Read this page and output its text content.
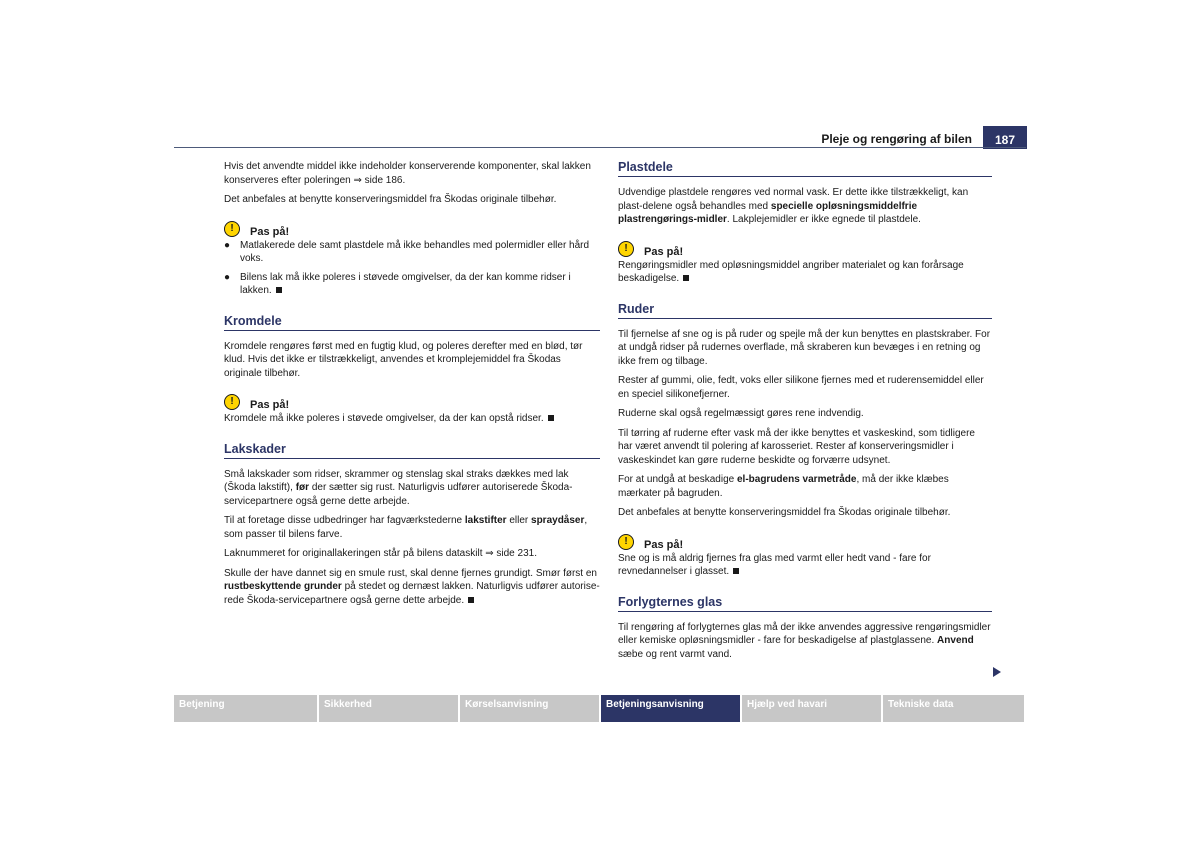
Pleje og rengøring af bilen	187

Hvis det anvendte middel ikke indeholder konserverende komponenter, skal lakken konserveres efter poleringen ⇒ side 186.

Det anbefales at benytte konserveringsmiddel fra Škodas originale tilbehør.

!	Pas på!
● Matlakerede dele samt plastdele må ikke behandles med polermidler eller hård voks.
● Bilens lak må ikke poleres i støvede omgivelser, da der kan komme ridser i lakken.
Kromdele

Kromdele rengøres først med en fugtig klud, og poleres derefter med en blød, tør klud. Hvis det ikke er tilstrækkeligt, anvendes et kromplejemiddel fra Škodas originale tilbehør.

!	Pas på!

Kromdele må ikke poleres i støvede omgivelser, da der kan opstå ridser.

Lakskader

Små lakskader som ridser, skrammer og stenslag skal straks dækkes med lak (Škoda lakstift), før der sætter sig rust. Naturligvis udfører autoriserede Škoda-servicepartnere også gerne dette arbejde.

Til at foretage disse udbedringer har fagværkstederne lakstifter eller spraydåser, som passer til bilens farve.

Laknummeret for originallakeringen står på bilens dataskilt ⇒ side 231.

Skulle der have dannet sig en smule rust, skal denne fjernes grundigt. Smør først en rustbeskyttende grunder på stedet og dernæst lakken. Naturligvis udfører autorise-rede Škoda-servicepartnere også gerne dette arbejde.

Plastdele

Udvendige plastdele rengøres ved normal vask. Er dette ikke tilstrækkeligt, kan plast-delene også behandles med specielle opløsningsmiddelfrie plastrengørings-midler. Lakplejemidler er ikke egnede til plastdele.

!	Pas på!

Rengøringsmidler med opløsningsmiddel angriber materialet og kan forårsage beskadigelse.

Ruder

Til fjernelse af sne og is på ruder og spejle må der kun benyttes en plastskraber. For at undgå ridser på rudernes overflade, må skraberen kun bevæges i en retning og ikke frem og tilbage.

Rester af gummi, olie, fedt, voks eller silikone fjernes med et ruderensemiddel eller en speciel silikonefjerner.

Ruderne skal også regelmæssigt gøres rene indvendig.

Til tørring af ruderne efter vask må der ikke benyttes et vaskeskind, som tidligere har været anvendt til polering af karosseriet. Rester af konserveringsmidler i vaskeskindet kan gøre ruderne beskidte og forværre udsynet.

For at undgå at beskadige el-bagrudens varmetråde, må der ikke klæbes mærkater på bagruden.

Det anbefales at benytte konserveringsmiddel fra Škodas originale tilbehør.

!	Pas på!

Sne og is må aldrig fjernes fra glas med varmt eller hedt vand - fare for revnedannelser i glasset.

Forlygternes glas

Til rengøring af forlygternes glas må der ikke anvendes aggressive rengøringsmidler eller kemiske opløsningsmidler - fare for beskadigelse af plastglassene. Anvend sæbe og rent varmt vand.

Betjening	Sikkerhed	Kørselsanvisning	Betjeningsanvisning	Hjælp ved havari	Tekniske data
